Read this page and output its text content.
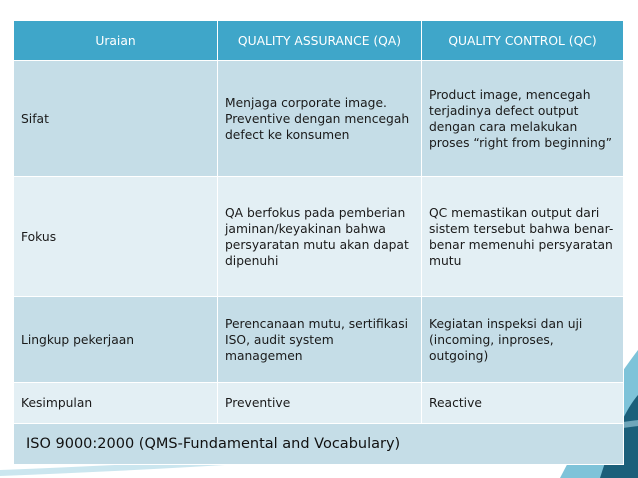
Uraian	QUALITY ASSURANCE (QA)	QUALITY CONTROL (QC)
Sifat	Menjaga corporate image. Preventive dengan mencegah defect ke konsumen	Product image, mencegah terjadinya defect output dengan cara melakukan proses “right from beginning”
Fokus	QA berfokus pada pemberian jaminan/keyakinan bahwa persyaratan mutu akan dapat dipenuhi	QC memastikan output dari sistem tersebut bahwa benar-benar memenuhi persyaratan mutu
Lingkup pekerjaan	Perencanaan mutu, sertifikasi ISO, audit system managemen	Kegiatan inspeksi dan uji (incoming, inproses, outgoing)
Kesimpulan	Preventive	Reactive
ISO 9000:2000 (QMS-Fundamental and Vocabulary)		
